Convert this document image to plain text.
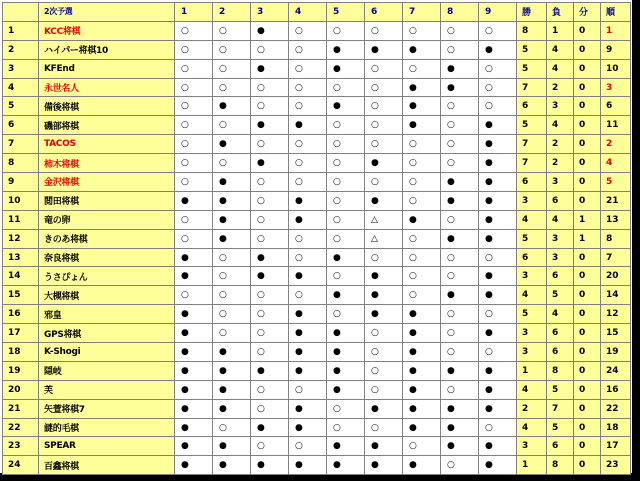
	2次予選	1	2	3	4	5	6	7	8	9	勝	負	分	順
1	KCC将棋	○	○	●	○	○	○	○	○	○	8	1	0	1
2	ハイパー将棋10	○	○	○	○	●	●	●	○	●	5	4	0	9
3	KFEnd	○	○	●	○	●	○	○	●	○	5	4	0	10
4	永世名人	○	○	○	○	○	○	●	●	○	7	2	0	3
5	備後将棋	○	●	○	○	●	○	●	○	○	6	3	0	6
6	磯部将棋	○	○	●	●	○	○	●	○	●	5	4	0	11
7	TACOS	○	●	○	○	○	○	○	○	●	7	2	0	2
8	柿木将棋	○	○	●	○	○	●	○	○	●	7	2	0	4
9	金沢将棋	○	●	○	○	○	○	○	●	●	6	3	0	5
10	閲田将棋	●	●	○	●	○	●	○	●	●	3	6	0	21
11	竜の卵	○	●	○	●	○	△	●	○	●	4	4	1	13
12	きのあ将棋	○	●	○	○	○	△	○	●	●	5	3	1	8
13	奈良将棋	●	○	●	○	●	○	○	○	○	6	3	0	7
14	うさぴょん	●	○	●	●	○	●	○	○	●	3	6	0	20
15	大槻将棋	○	○	○	○	●	●	○	●	●	4	5	0	14
16	邪皇	●	○	○	●	○	●	●	○	○	5	4	0	12
17	GPS将棋	●	○	○	●	●	○	●	○	●	3	6	0	15
18	K-Shogi	●	●	○	●	●	○	●	○	○	3	6	0	19
19	隠岐	●	●	●	●	●	○	●	●	●	1	8	0	24
20	芙	●	●	○	○	●	○	●	○	●	4	5	0	16
21	矢萱将棋7	●	●	○	●	○	●	●	●	●	2	7	0	22
22	謎的毛棋	●	○	●	●	○	○	●	●	○	4	5	0	18
23	SPEAR	●	●	○	○	●	●	○	●	●	3	6	0	17
24	百鑫将棋	●	●	●	●	●	●	●	○	●	1	8	0	23
